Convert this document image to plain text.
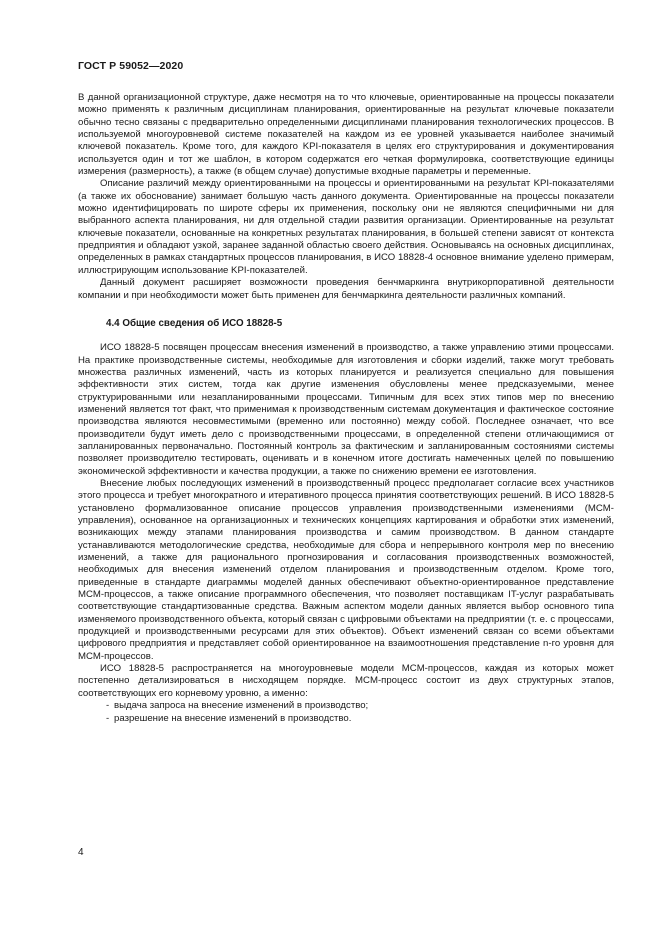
ГОСТ Р 59052—2020

В данной организационной структуре, даже несмотря на то что ключевые, ориентированные на процессы показатели можно применять к различным дисциплинам планирования, ориентированные на результат ключевые показатели обычно тесно связаны с предварительно определенными дисциплинами планирования технологических процессов. В используемой многоуровневой системе показателей на каждом из ее уровней указывается наиболее значимый ключевой показатель. Кроме того, для каждого KPI-показателя в целях его структурирования и документирования используется один и тот же шаблон, в котором содержатся его четкая формулировка, соответствующие единицы измерения (размерность), а также (в общем случае) допустимые входные параметры и переменные.

Описание различий между ориентированными на процессы и ориентированными на результат KPI-показателями (а также их обоснование) занимает большую часть данного документа. Ориентированные на процессы показатели можно идентифицировать по широте сферы их применения, поскольку они не являются специфичными ни для выбранного аспекта планирования, ни для отдельной стадии развития организации. Ориентированные на результат ключевые показатели, основанные на конкретных результатах планирования, в большей степени зависят от контекста предприятия и обладают узкой, заранее заданной областью своего действия. Основываясь на основных дисциплинах, определенных в рамках стандартных процессов планирования, в ИСО 18828-4 основное внимание уделено примерам, иллюстрирующим использование KPI-показателей.

Данный документ расширяет возможности проведения бенчмаркинга внутрикорпоративной деятельности компании и при необходимости может быть применен для бенчмаркинга деятельности различных компаний.

4.4 Общие сведения об ИСО 18828-5

ИСО 18828-5 посвящен процессам внесения изменений в производство, а также управлению этими процессами. На практике производственные системы, необходимые для изготовления и сборки изделий, также могут требовать множества различных изменений, часть из которых планируется и реализуется специально для повышения эффективности этих систем, тогда как другие изменения обусловлены менее предсказуемыми, менее структурированными или незапланированными процессами. Типичным для всех этих типов мер по внесению изменений является тот факт, что применимая к производственным системам документация и фактическое состояние производства являются несовместимыми (временно или постоянно) между собой. Последнее означает, что все производители будут иметь дело с производственными процессами, в определенной степени отличающимися от запланированных первоначально. Постоянный контроль за фактическим и запланированным состояниями системы позволяет производителю тестировать, оценивать и в конечном итоге достигать намеченных целей по повышению экономической эффективности и качества продукции, а также по снижению времени ее изготовления.

Внесение любых последующих изменений в производственный процесс предполагает согласие всех участников этого процесса и требует многократного и итеративного процесса принятия соответствующих решений. В ИСО 18828-5 установлено формализованное описание процессов управления производственными изменениями (MCM-управления), основанное на организационных и технических концепциях картирования и обработки этих изменений, возникающих между этапами планирования производства и самим производством. В данном стандарте устанавливаются методологические средства, необходимые для сбора и непрерывного контроля мер по внесению изменений, а также для рационального прогнозирования и согласования производственных возможностей, необходимых для внесения изменений отделом планирования и производственным отделом. Кроме того, приведенные в стандарте диаграммы моделей данных обеспечивают объектно-ориентированное представление MCM-процессов, а также описание программного обеспечения, что позволяет поставщикам IT-услуг разрабатывать соответствующие стандартизованные средства. Важным аспектом модели данных является выбор основного типа изменяемого производственного объекта, который связан с цифровыми объектами на предприятии (т. е. с процессами, продукцией и производственными ресурсами для этих объектов). Объект изменений связан со всеми объектами цифрового предприятия и представляет собой ориентированное на взаимоотношения представление n-го уровня для MCM-процессов.

ИСО 18828-5 распространяется на многоуровневые модели MCM-процессов, каждая из которых может постепенно детализироваться в нисходящем порядке. MCM-процесс состоит из двух структурных этапов, соответствующих его корневому уровню, а именно:

- выдача запроса на внесение изменений в производство;
- разрешение на внесение изменений в производство.
4
